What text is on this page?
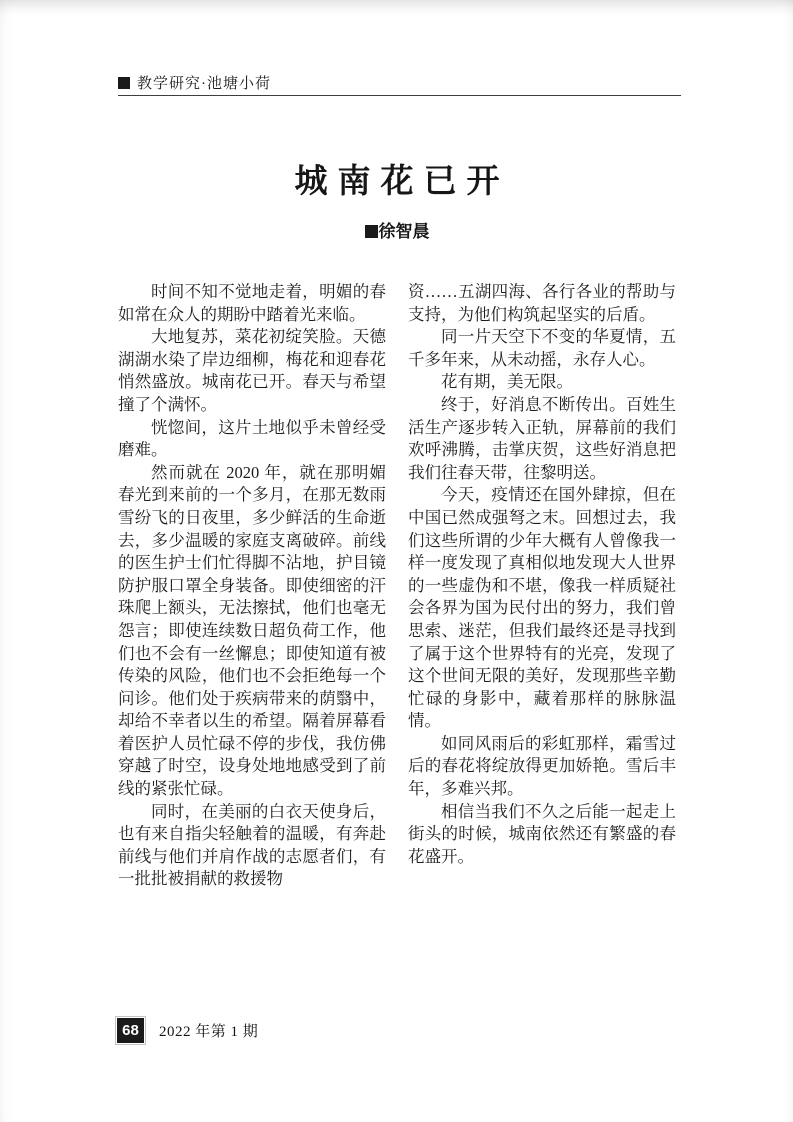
教学研究·池塘小荷
城南花已开
徐智晨

时间不知不觉地走着，明媚的春如常在众人的期盼中踏着光来临。

大地复苏，菜花初绽笑脸。天德湖湖水染了岸边细柳，梅花和迎春花悄然盛放。城南花已开。春天与希望撞了个满怀。

恍惚间，这片土地似乎未曾经受磨难。

然而就在 2020 年，就在那明媚春光到来前的一个多月，在那无数雨雪纷飞的日夜里，多少鲜活的生命逝去，多少温暖的家庭支离破碎。前线的医生护士们忙得脚不沾地，护目镜防护服口罩全身装备。即使细密的汗珠爬上额头，无法擦拭，他们也毫无怨言；即使连续数日超负荷工作，他们也不会有一丝懈息；即使知道有被传染的风险，他们也不会拒绝每一个问诊。他们处于疾病带来的荫翳中，却给不幸者以生的希望。隔着屏幕看着医护人员忙碌不停的步伐，我仿佛穿越了时空，设身处地地感受到了前线的紧张忙碌。

同时，在美丽的白衣天使身后，也有来自指尖轻触着的温暖，有奔赴前线与他们并肩作战的志愿者们，有一批批被捐献的救援物

资……五湖四海、各行各业的帮助与支持，为他们构筑起坚实的后盾。

同一片天空下不变的华夏情，五千多年来，从未动摇，永存人心。

花有期，美无限。

终于，好消息不断传出。百姓生活生产逐步转入正轨，屏幕前的我们欢呼沸腾，击掌庆贺，这些好消息把我们往春天带，往黎明送。

今天，疫情还在国外肆掠，但在中国已然成强弩之末。回想过去，我们这些所谓的少年大概有人曾像我一样一度发现了真相似地发现大人世界的一些虚伪和不堪，像我一样质疑社会各界为国为民付出的努力，我们曾思索、迷茫，但我们最终还是寻找到了属于这个世界特有的光亮，发现了这个世间无限的美好，发现那些辛勤忙碌的身影中，藏着那样的脉脉温情。

如同风雨后的彩虹那样，霜雪过后的春花将绽放得更加娇艳。雪后丰年，多难兴邦。

相信当我们不久之后能一起走上街头的时候，城南依然还有繁盛的春花盛开。

68	2022 年第 1 期
